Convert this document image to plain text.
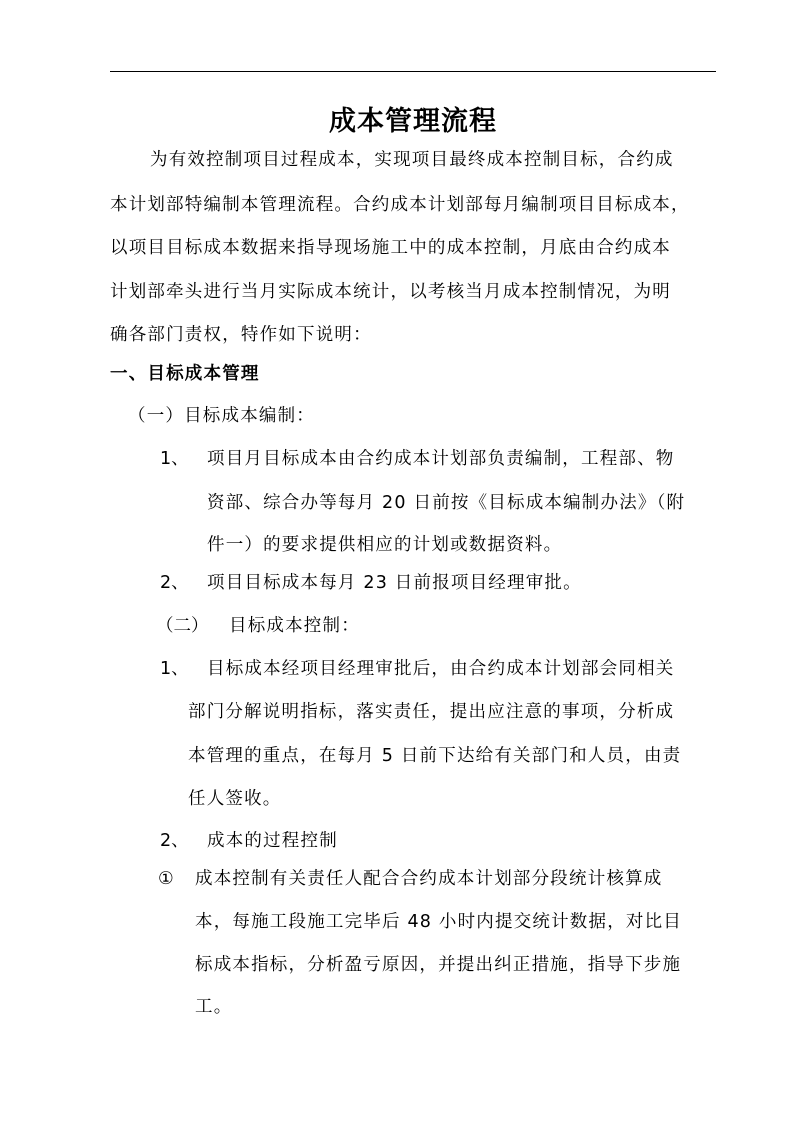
成本管理流程
为有效控制项目过程成本，实现项目最终成本控制目标，合约成
本计划部特编制本管理流程。合约成本计划部每月编制项目目标成本，
以项目目标成本数据来指导现场施工中的成本控制，月底由合约成本
计划部牵头进行当月实际成本统计，以考核当月成本控制情况，为明
确各部门责权，特作如下说明：
一、目标成本管理
（一）目标成本编制：
1、 项目月目标成本由合约成本计划部负责编制，工程部、物
资部、综合办等每月 20 日前按《目标成本编制办法》（附
件一）的要求提供相应的计划或数据资料。
2、 项目目标成本每月 23 日前报项目经理审批。
（二） 目标成本控制：
1、 目标成本经项目经理审批后，由合约成本计划部会同相关
部门分解说明指标，落实责任，提出应注意的事项，分析成
本管理的重点，在每月 5 日前下达给有关部门和人员，由责
任人签收。
2、 成本的过程控制
① 成本控制有关责任人配合合约成本计划部分段统计核算成
本，每施工段施工完毕后 48 小时内提交统计数据，对比目
标成本指标，分析盈亏原因，并提出纠正措施，指导下步施
工。
